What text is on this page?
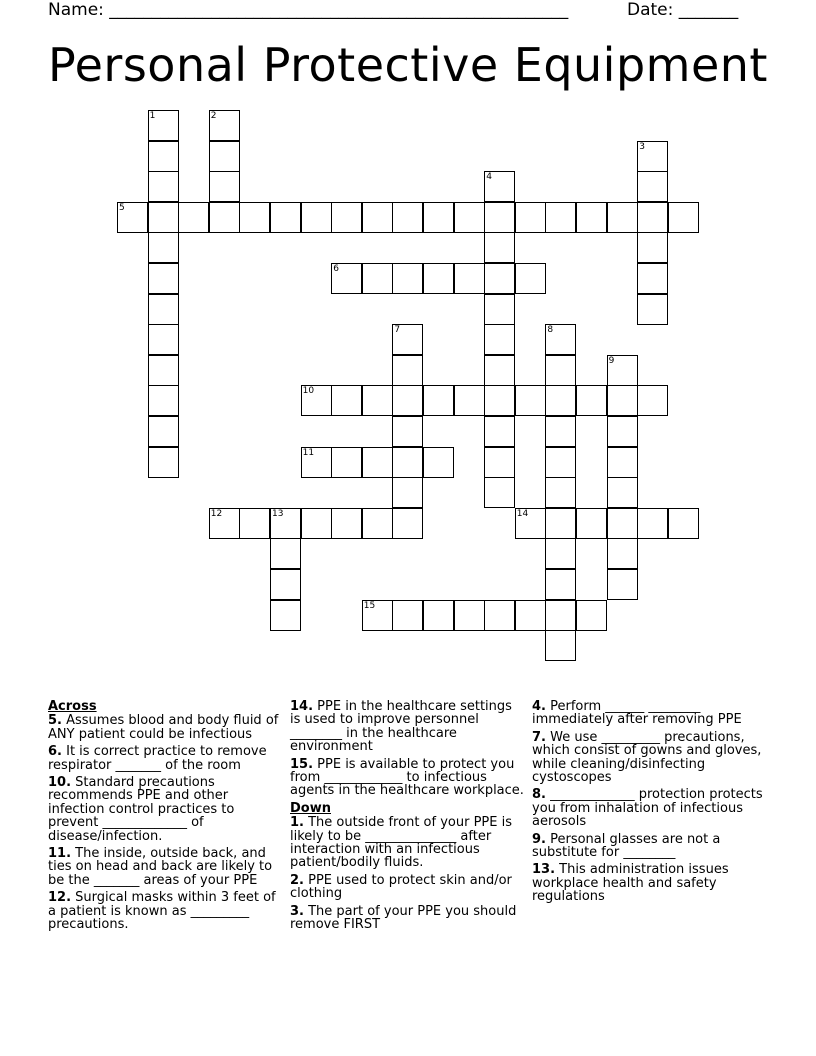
Name: ______________________________________________________	Date: _______
Personal Protective Equipment
1	2
3
4
5
6
7	8
9
10
11
12	13	14
15

Across

5. Assumes blood and body fluid of ANY patient could be infectious

6. It is correct practice to remove respirator _______ of the room

10. Standard precautions recommends PPE and other infection control practices to prevent _____________ of disease/infection.

11. The inside, outside back, and ties on head and back are likely to be the _______ areas of your PPE

12. Surgical masks within 3 feet of a patient is known as _________ precautions.

14. PPE in the healthcare settings is used to improve personnel ________ in the healthcare environment

15. PPE is available to protect you from ____________ to infectious agents in the healthcare workplace.

Down

1. The outside front of your PPE is likely to be ______________ after interaction with an infectious patient/bodily fluids.

2. PPE used to protect skin and/or clothing

3. The part of your PPE you should remove FIRST

4. Perform ______ ________ immediately after removing PPE

7. We use _________ precautions, which consist of gowns and gloves, while cleaning/disinfecting cystoscopes

8. _____________ protection protects you from inhalation of infectious aerosols

9. Personal glasses are not a substitute for ________

13. This administration issues workplace health and safety regulations
